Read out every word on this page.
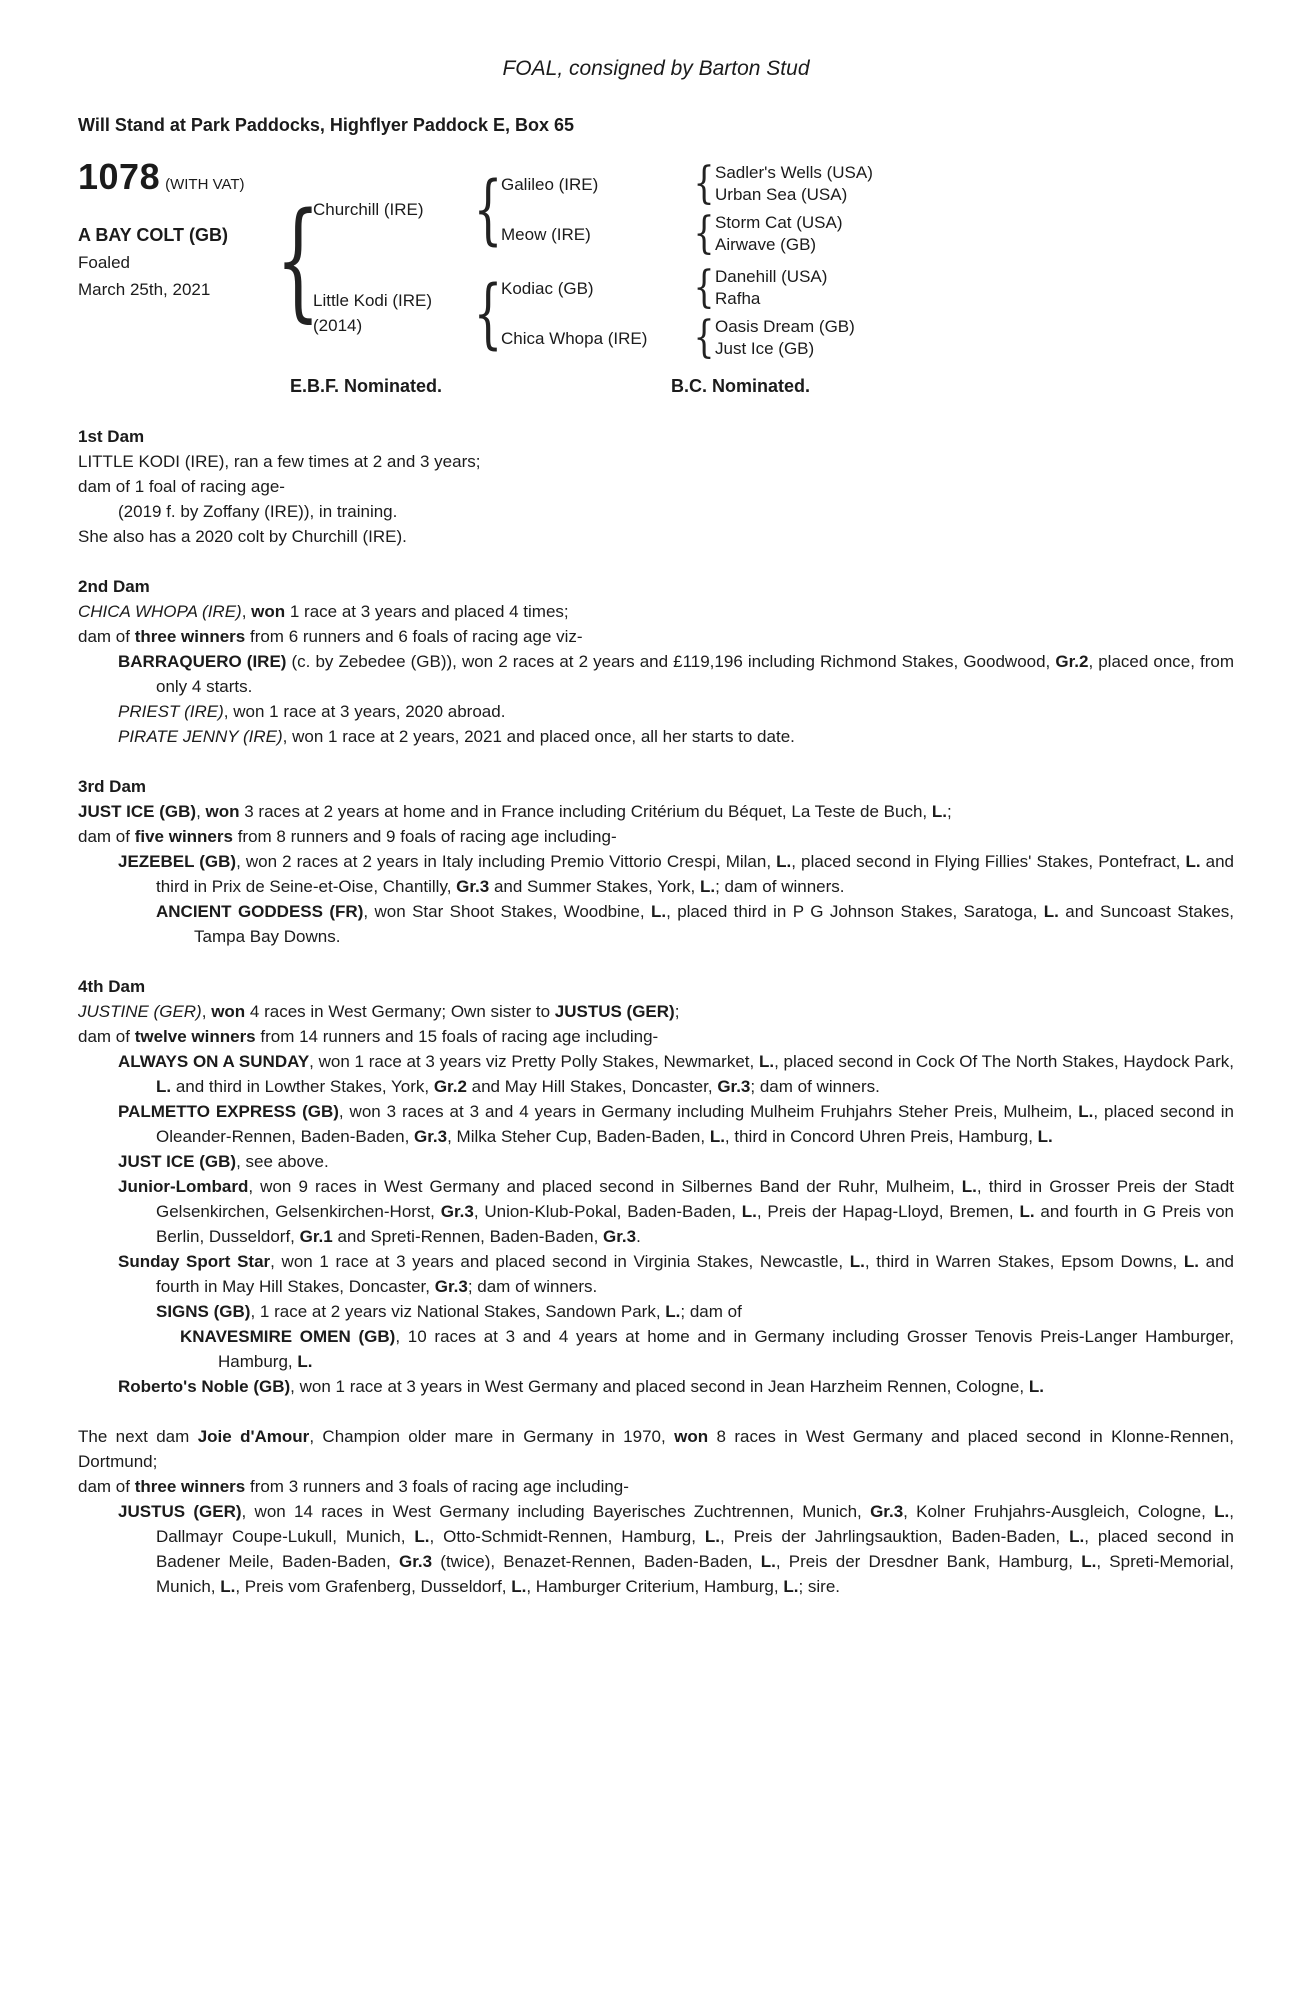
FOAL, consigned by Barton Stud
Will Stand at Park Paddocks, Highflyer Paddock E, Box 65
1078 (WITH VAT)
A BAY COLT (GB)
Foaled
March 25th, 2021 {
Churchill (IRE) {
Galileo (IRE)	{ Sadler's Wells (USA)
Urban Sea (USA)
Meow (IRE)	{ Storm Cat (USA)
Airwave (GB)
Little Kodi (IRE)
(2014)	{
Kodiac (GB)	{ Danehill (USA)
Rafha
Chica Whopa (IRE)	{ Oasis Dream (GB)
Just Ice (GB)
E.B.F. Nominated.	B.C. Nominated.
1st Dam

LITTLE KODI (IRE), ran a few times at 2 and 3 years;

dam of 1 foal of racing age-

(2019 f. by Zoffany (IRE)), in training.

She also has a 2020 colt by Churchill (IRE).

2nd Dam

CHICA WHOPA (IRE), won 1 race at 3 years and placed 4 times;

dam of three winners from 6 runners and 6 foals of racing age viz-

BARRAQUERO (IRE) (c. by Zebedee (GB)), won 2 races at 2 years and £119,196 including Richmond Stakes, Goodwood, Gr.2, placed once, from only 4 starts.

PRIEST (IRE), won 1 race at 3 years, 2020 abroad.

PIRATE JENNY (IRE), won 1 race at 2 years, 2021 and placed once, all her starts to date.

3rd Dam

JUST ICE (GB), won 3 races at 2 years at home and in France including Critérium du Béquet, La Teste de Buch, L.;

dam of five winners from 8 runners and 9 foals of racing age including-

JEZEBEL (GB), won 2 races at 2 years in Italy including Premio Vittorio Crespi, Milan, L., placed second in Flying Fillies' Stakes, Pontefract, L. and third in Prix de Seine-et-Oise, Chantilly, Gr.3 and Summer Stakes, York, L.; dam of winners.

ANCIENT GODDESS (FR), won Star Shoot Stakes, Woodbine, L., placed third in P G Johnson Stakes, Saratoga, L. and Suncoast Stakes, Tampa Bay Downs.

4th Dam

JUSTINE (GER), won 4 races in West Germany; Own sister to JUSTUS (GER);

dam of twelve winners from 14 runners and 15 foals of racing age including-

ALWAYS ON A SUNDAY, won 1 race at 3 years viz Pretty Polly Stakes, Newmarket, L., placed second in Cock Of The North Stakes, Haydock Park, L. and third in Lowther Stakes, York, Gr.2 and May Hill Stakes, Doncaster, Gr.3; dam of winners.

PALMETTO EXPRESS (GB), won 3 races at 3 and 4 years in Germany including Mulheim Fruhjahrs Steher Preis, Mulheim, L., placed second in Oleander-Rennen, Baden-Baden, Gr.3, Milka Steher Cup, Baden-Baden, L., third in Concord Uhren Preis, Hamburg, L.

JUST ICE (GB), see above.

Junior-Lombard, won 9 races in West Germany and placed second in Silbernes Band der Ruhr, Mulheim, L., third in Grosser Preis der Stadt Gelsenkirchen, Gelsenkirchen-Horst, Gr.3, Union-Klub-Pokal, Baden-Baden, L., Preis der Hapag-Lloyd, Bremen, L. and fourth in G Preis von Berlin, Dusseldorf, Gr.1 and Spreti-Rennen, Baden-Baden, Gr.3.

Sunday Sport Star, won 1 race at 3 years and placed second in Virginia Stakes, Newcastle, L., third in Warren Stakes, Epsom Downs, L. and fourth in May Hill Stakes, Doncaster, Gr.3; dam of winners.

SIGNS (GB), 1 race at 2 years viz National Stakes, Sandown Park, L.; dam of

KNAVESMIRE OMEN (GB), 10 races at 3 and 4 years at home and in Germany including Grosser Tenovis Preis-Langer Hamburger, Hamburg, L.

Roberto's Noble (GB), won 1 race at 3 years in West Germany and placed second in Jean Harzheim Rennen, Cologne, L.

The next dam Joie d'Amour, Champion older mare in Germany in 1970, won 8 races in West Germany and placed second in Klonne-Rennen, Dortmund;

dam of three winners from 3 runners and 3 foals of racing age including-

JUSTUS (GER), won 14 races in West Germany including Bayerisches Zuchtrennen, Munich, Gr.3, Kolner Fruhjahrs-Ausgleich, Cologne, L., Dallmayr Coupe-Lukull, Munich, L., Otto-Schmidt-Rennen, Hamburg, L., Preis der Jahrlingsauktion, Baden-Baden, L., placed second in Badener Meile, Baden-Baden, Gr.3 (twice), Benazet-Rennen, Baden-Baden, L., Preis der Dresdner Bank, Hamburg, L., Spreti-Memorial, Munich, L., Preis vom Grafenberg, Dusseldorf, L., Hamburger Criterium, Hamburg, L.; sire.
